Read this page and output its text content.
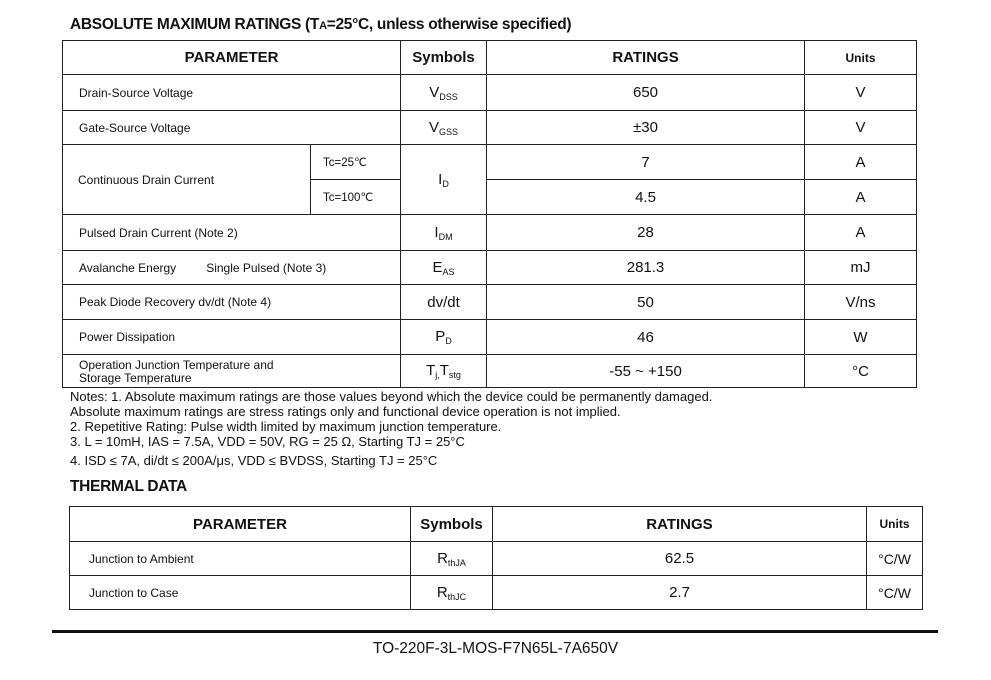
ABSOLUTE MAXIMUM RATINGS (TA=25°C, unless otherwise specified)
PARAMETER		Symbols	RATINGS	Units
Drain-Source Voltage		$V_{DSS}$	650	V
Gate-Source Voltage		$V_{GSS}$	±30	V
Continuous Drain Current	Tc=25℃	$I_D$	7	A
	Tc=100℃		4.5	A
Pulsed Drain Current (Note 2)		$I_{DM}$	28	A
Avalanche Energy Single Pulsed (Note 3)		$E_{AS}$	281.3	mJ
Peak Diode Recovery dv/dt (Note 4)		dv/dt	50	V/ns
Power Dissipation		$P_D$	46	W

Operation Junction Temperature and
Storage Temperature		$T_{j,}T_{stg}$	-55 ~ +150	°C
Notes: 1. Absolute maximum ratings are those values beyond which the device could be permanently damaged.
Absolute maximum ratings are stress ratings only and functional device operation is not implied.
2. Repetitive Rating: Pulse width limited by maximum junction temperature.
3. L = 10mH, IAS = 7.5A, VDD = 50V, RG = 25 Ω, Starting TJ = 25°C
4. ISD ≤ 7A, di/dt ≤ 200A/μs, VDD ≤ BVDSS, Starting TJ = 25°C
THERMAL DATA
PARAMETER	Symbols	RATINGS	Units
Junction to Ambient	$R_{thJA}$	62.5	°C/W
Junction to Case	$R_{thJC}$	2.7	°C/W
TO-220F-3L-MOS-F7N65L-7A650V
